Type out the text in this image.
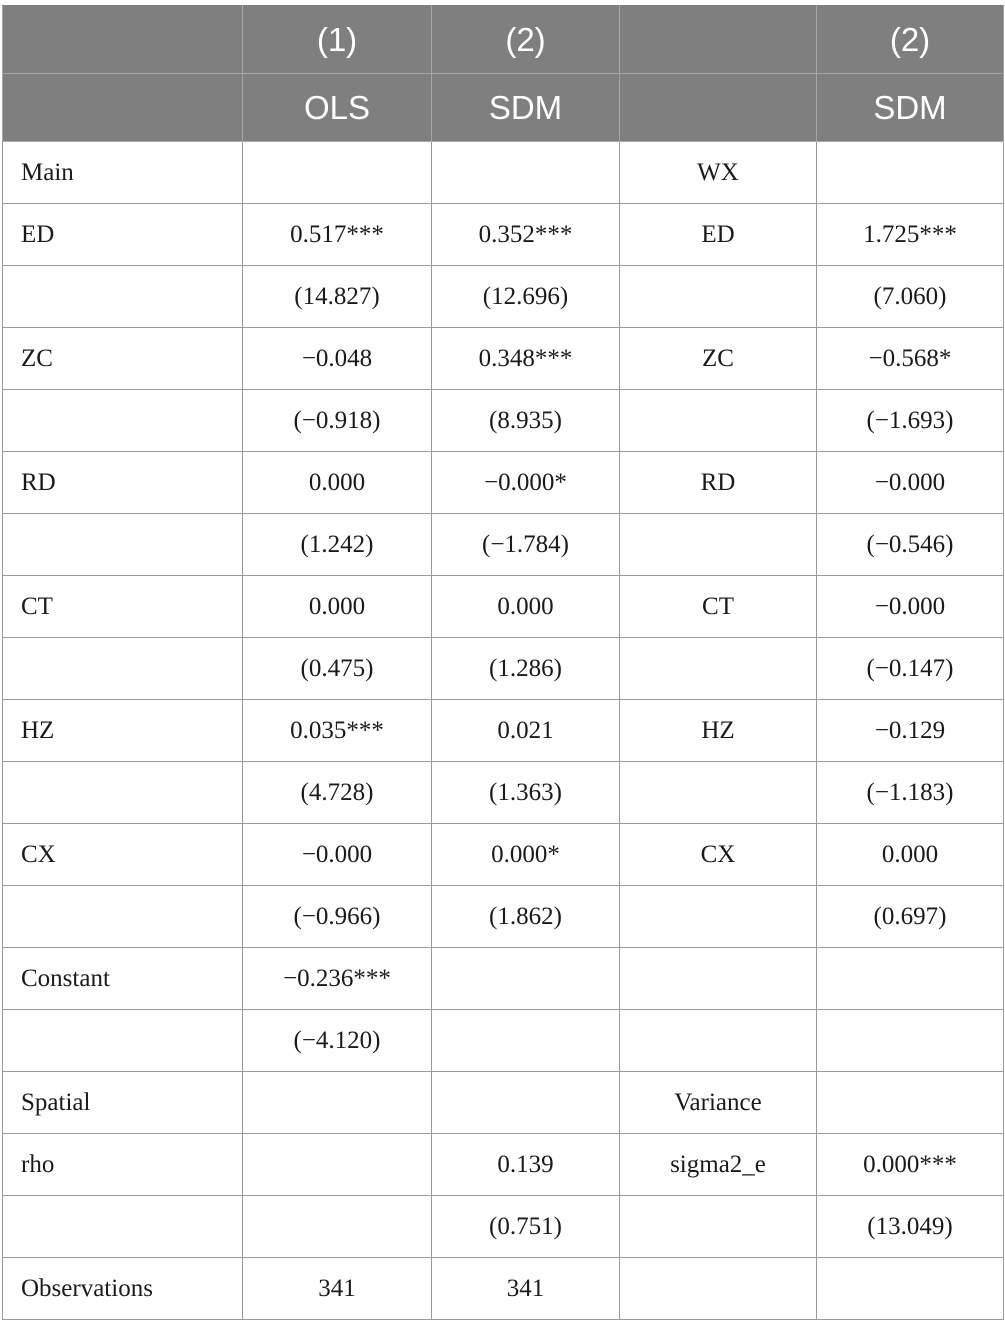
	(1)	(2)		(2)
	OLS	SDM		SDM
Main			WX	
ED	0.517***	0.352***	ED	1.725***
	(14.827)	(12.696)		(7.060)
ZC	−0.048	0.348***	ZC	−0.568*
	(−0.918)	(8.935)		(−1.693)
RD	0.000	−0.000*	RD	−0.000
	(1.242)	(−1.784)		(−0.546)
CT	0.000	0.000	CT	−0.000
	(0.475)	(1.286)		(−0.147)
HZ	0.035***	0.021	HZ	−0.129
	(4.728)	(1.363)		(−1.183)
CX	−0.000	0.000*	CX	0.000
	(−0.966)	(1.862)		(0.697)
Constant	−0.236***			
	(−4.120)			
Spatial			Variance	
rho		0.139	sigma2_e	0.000***
		(0.751)		(13.049)
Observations	341	341		
